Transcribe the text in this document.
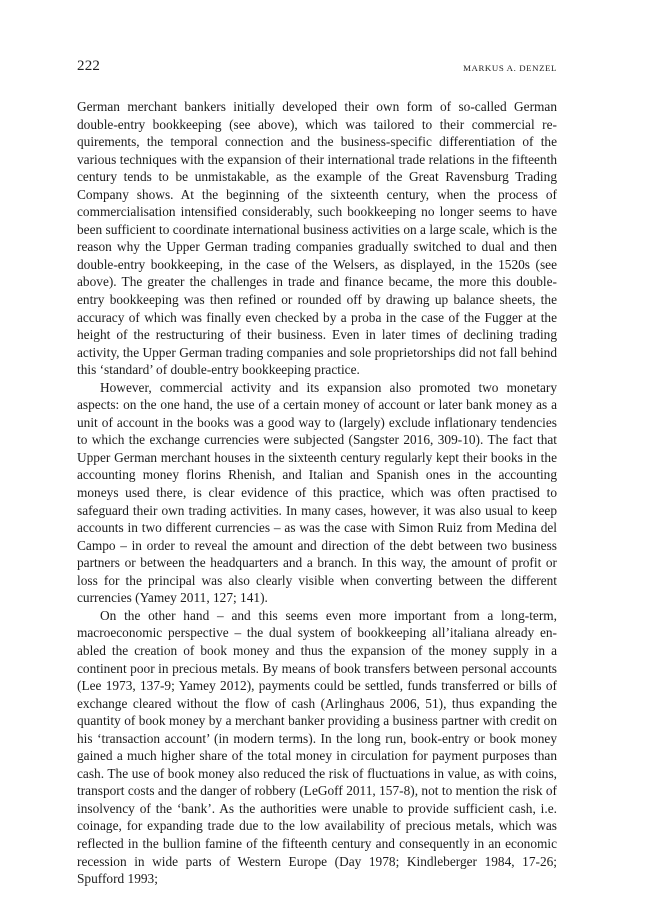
222	MARKUS A. DENZEL

German merchant bankers initially developed their own form of so-called German double-entry bookkeeping (see above), which was tailored to their commercial requirements, the temporal connection and the business-specific differentiation of the various techniques with the expansion of their international trade relations in the fifteenth century tends to be unmistakable, as the example of the Great Ravensburg Trading Company shows. At the beginning of the sixteenth century, when the process of commercialisation intensified considerably, such bookkeeping no longer seems to have been sufficient to coordinate international business activities on a large scale, which is the reason why the Upper German trading companies gradually switched to dual and then double-entry bookkeeping, in the case of the Welsers, as displayed, in the 1520s (see above). The greater the challenges in trade and finance became, the more this double-entry bookkeeping was then refined or rounded off by drawing up balance sheets, the accuracy of which was finally even checked by a proba in the case of the Fugger at the height of the restructuring of their business. Even in later times of declining trading activity, the Upper German trading companies and sole proprietorships did not fall behind this ‘standard’ of double-entry bookkeeping practice.

However, commercial activity and its expansion also promoted two monetary aspects: on the one hand, the use of a certain money of account or later bank money as a unit of account in the books was a good way to (largely) exclude inflationary tendencies to which the exchange currencies were subjected (Sangster 2016, 309-10). The fact that Upper German merchant houses in the sixteenth century regularly kept their books in the accounting money florins Rhenish, and Italian and Spanish ones in the accounting moneys used there, is clear evidence of this practice, which was often practised to safeguard their own trading activities. In many cases, however, it was also usual to keep accounts in two different currencies – as was the case with Simon Ruiz from Medina del Campo – in order to reveal the amount and direction of the debt between two business partners or between the headquarters and a branch. In this way, the amount of profit or loss for the principal was also clearly visible when converting between the different currencies (Yamey 2011, 127; 141).

On the other hand – and this seems even more important from a long-term, macroeconomic perspective – the dual system of bookkeeping all’italiana already enabled the creation of book money and thus the expansion of the money supply in a continent poor in precious metals. By means of book transfers between personal accounts (Lee 1973, 137-9; Yamey 2012), payments could be settled, funds transferred or bills of exchange cleared without the flow of cash (Arlinghaus 2006, 51), thus expanding the quantity of book money by a merchant banker providing a business partner with credit on his ‘transaction account’ (in modern terms). In the long run, book-entry or book money gained a much higher share of the total money in circulation for payment purposes than cash. The use of book money also reduced the risk of fluctuations in value, as with coins, transport costs and the danger of robbery (LeGoff 2011, 157-8), not to mention the risk of insolvency of the ‘bank’. As the authorities were unable to provide sufficient cash, i.e. coinage, for expanding trade due to the low availability of precious metals, which was reflected in the bullion famine of the fifteenth century and consequently in an economic recession in wide parts of Western Europe (Day 1978; Kindleberger 1984, 17-26; Spufford 1993;
